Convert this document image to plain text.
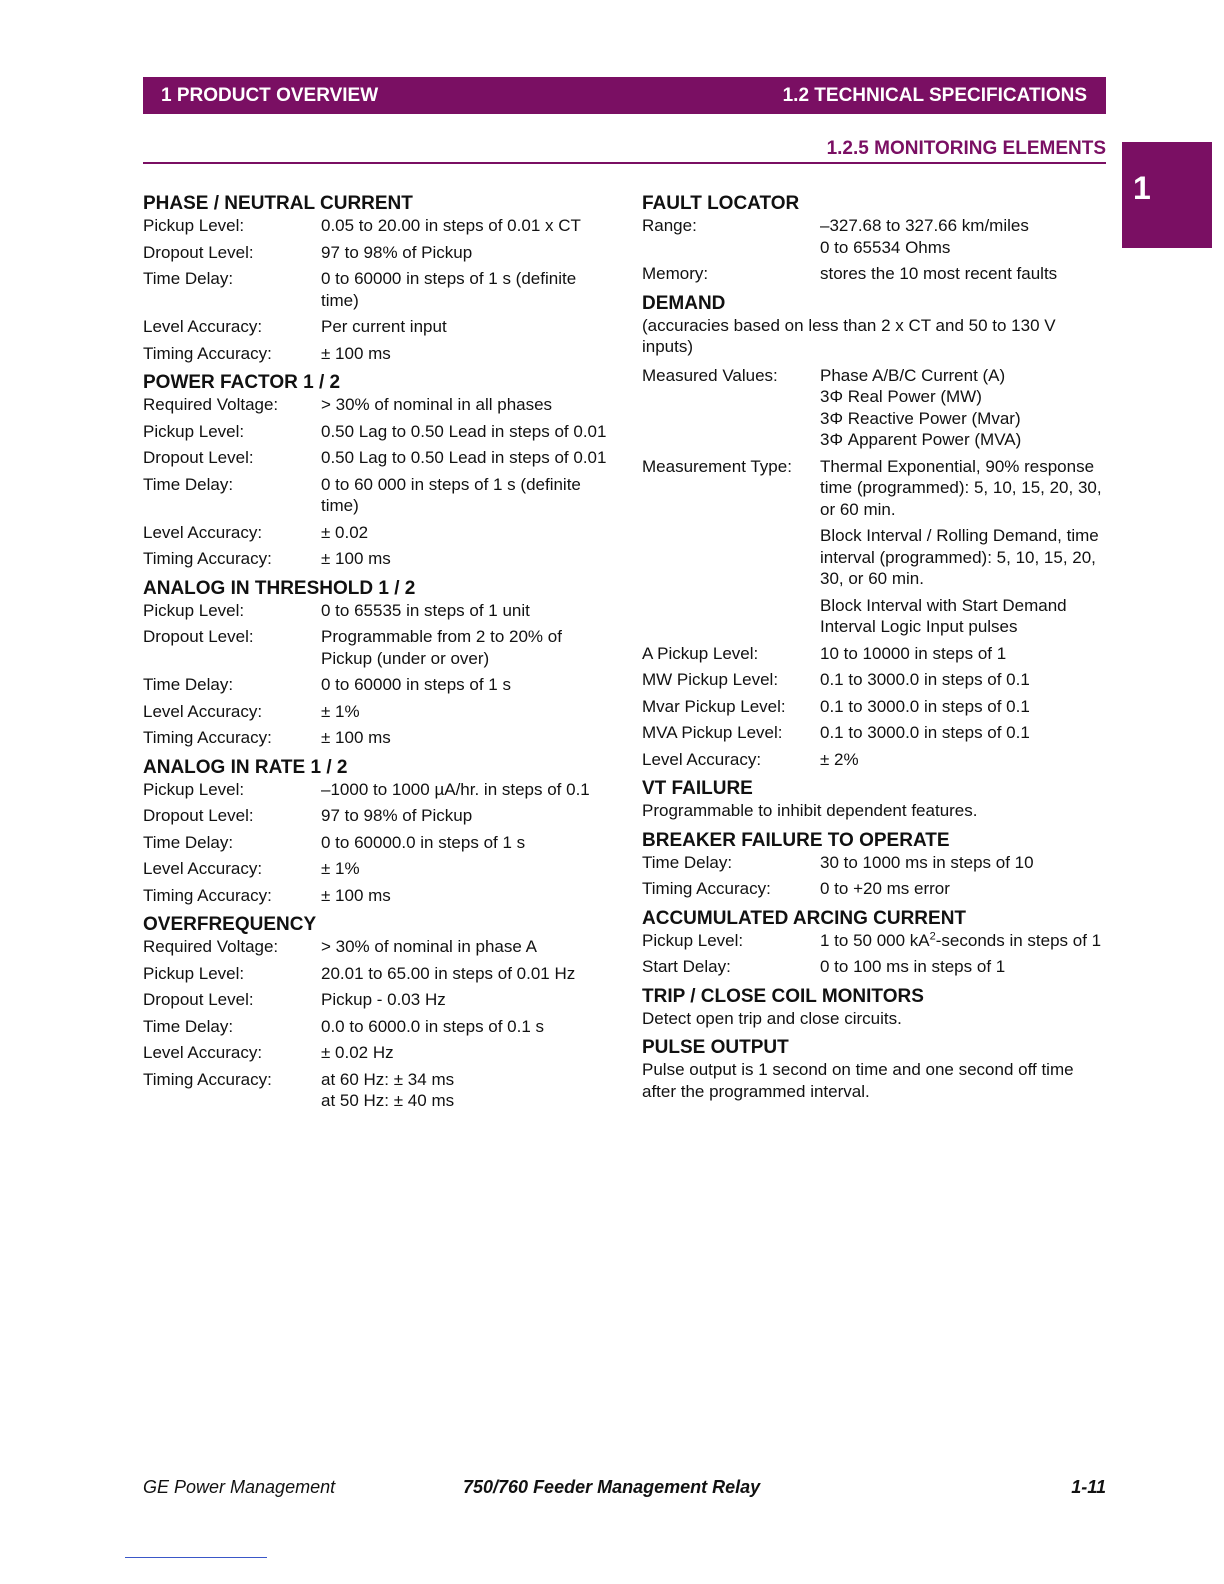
1 PRODUCT OVERVIEW	1.2 TECHNICAL SPECIFICATIONS
1.2.5 MONITORING ELEMENTS
1
PHASE / NEUTRAL CURRENT
Pickup Level:	0.05 to 20.00 in steps of 0.01 x CT
Dropout Level:	97 to 98% of Pickup
Time Delay:	0 to 60000 in steps of 1 s (definite time)
Level Accuracy:	Per current input
Timing Accuracy:	± 100 ms
POWER FACTOR 1 / 2
Required Voltage:	> 30% of nominal in all phases
Pickup Level:	0.50 Lag to 0.50 Lead in steps of 0.01
Dropout Level:	0.50 Lag to 0.50 Lead in steps of 0.01
Time Delay:	0 to 60 000 in steps of 1 s (definite time)
Level Accuracy:	± 0.02
Timing Accuracy:	± 100 ms
ANALOG IN THRESHOLD 1 / 2
Pickup Level:	0 to 65535 in steps of 1 unit
Dropout Level:	Programmable from 2 to 20% of Pickup (under or over)
Time Delay:	0 to 60000 in steps of 1 s
Level Accuracy:	± 1%
Timing Accuracy:	± 100 ms
ANALOG IN RATE 1 / 2
Pickup Level:	–1000 to 1000 µA/hr. in steps of 0.1
Dropout Level:	97 to 98% of Pickup
Time Delay:	0 to 60000.0 in steps of 1 s
Level Accuracy:	± 1%
Timing Accuracy:	± 100 ms
OVERFREQUENCY
Required Voltage:	> 30% of nominal in phase A
Pickup Level:	20.01 to 65.00 in steps of 0.01 Hz
Dropout Level:	Pickup - 0.03 Hz
Time Delay:	0.0 to 6000.0 in steps of 0.1 s
Level Accuracy:	± 0.02 Hz
Timing Accuracy:	at 60 Hz: ± 34 ms
at 50 Hz: ± 40 ms
FAULT LOCATOR
Range:	–327.68 to 327.66 km/miles
0 to 65534 Ohms
Memory:	stores the 10 most recent faults
DEMAND
(accuracies based on less than 2 x CT and 50 to 130 V inputs)
Measured Values:	Phase A/B/C Current (A)
3Φ Real Power (MW)
3Φ Reactive Power (Mvar)
3Φ Apparent Power (MVA)
Measurement Type:	Thermal Exponential, 90% response time (programmed): 5, 10, 15, 20, 30, or 60 min.
Block Interval / Rolling Demand, time interval (programmed): 5, 10, 15, 20, 30, or 60 min.
Block Interval with Start Demand Interval Logic Input pulses
A Pickup Level:	10 to 10000 in steps of 1
MW Pickup Level:	0.1 to 3000.0 in steps of 0.1
Mvar Pickup Level:	0.1 to 3000.0 in steps of 0.1
MVA Pickup Level:	0.1 to 3000.0 in steps of 0.1
Level Accuracy:	± 2%
VT FAILURE
Programmable to inhibit dependent features.
BREAKER FAILURE TO OPERATE
Time Delay:	30 to 1000 ms in steps of 10
Timing Accuracy:	0 to +20 ms error
ACCUMULATED ARCING CURRENT
Pickup Level:	1 to 50 000 $kA^2$-seconds in steps of 1
Start Delay:	0 to 100 ms in steps of 1
TRIP / CLOSE COIL MONITORS
Detect open trip and close circuits.
PULSE OUTPUT
Pulse output is 1 second on time and one second off time after the programmed interval.
GE Power Management	750/760 Feeder Management Relay	1-11
